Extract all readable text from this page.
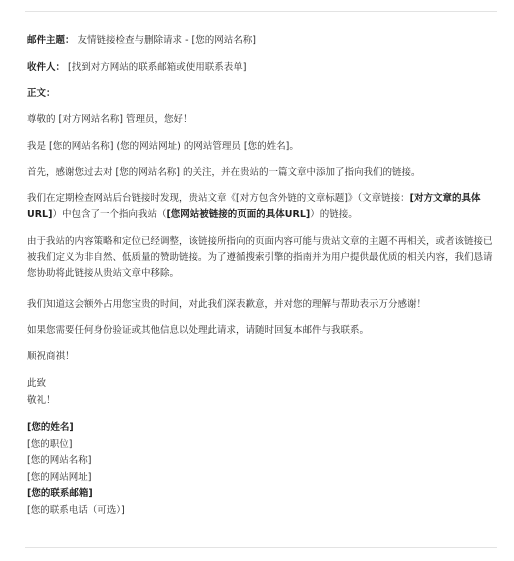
邮件主题： 友情链接检查与删除请求 - [您的网站名称]
收件人： [找到对方网站的联系邮箱或使用联系表单]
正文：
尊敬的 [对方网站名称] 管理员，您好！
我是 [您的网站名称] (您的网站网址) 的网站管理员 [您的姓名]。
首先，感谢您过去对 [您的网站名称] 的关注，并在贵站的一篇文章中添加了指向我们的链接。
我们在定期检查网站后台链接时发现，贵站文章《[对方包含外链的文章标题]》（文章链接：[对方文章的具体URL]）中包含了一个指向我站（[您网站被链接的页面的具体URL]）的链接。
由于我站的内容策略和定位已经调整，该链接所指向的页面内容可能与贵站文章的主题不再相关，或者该链接已被我们定义为非自然、低质量的赞助链接。为了遵循搜索引擎的指南并为用户提供最优质的相关内容，我们恳请您协助将此链接从贵站文章中移除。
我们知道这会额外占用您宝贵的时间，对此我们深表歉意，并对您的理解与帮助表示万分感谢！
如果您需要任何身份验证或其他信息以处理此请求，请随时回复本邮件与我联系。
顺祝商祺！
此致
敬礼！
[您的姓名]
[您的职位]
[您的网站名称]
[您的网站网址]
[您的联系邮箱]
[您的联系电话（可选）]
